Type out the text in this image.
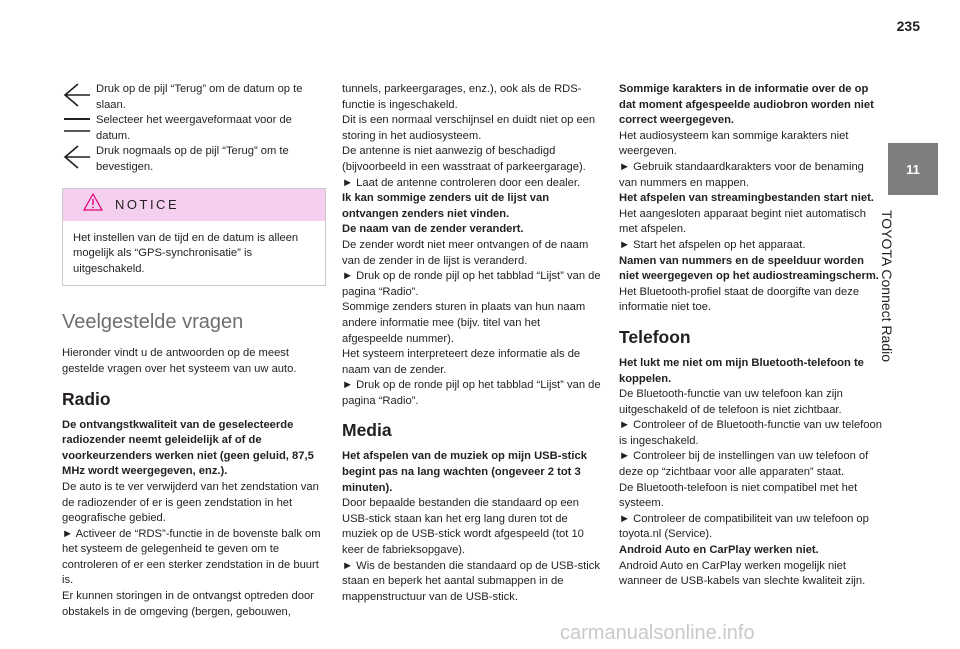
235
11
TOYOTA Connect Radio
Druk op de pijl “Terug” om de datum op te slaan.
Selecteer het weergaveformaat voor de datum.
Druk nogmaals op de pijl “Terug” om te bevestigen.
NOTICE
Het instellen van de tijd en de datum is alleen mogelijk als “GPS-synchronisatie” is uitgeschakeld.
Veelgestelde vragen

Hieronder vindt u de antwoorden op de meest gestelde vragen over het systeem van uw auto.

Radio

De ontvangstkwaliteit van de geselecteerde radiozender neemt geleidelijk af of de voorkeurzenders werken niet (geen geluid, 87,5 MHz wordt weergegeven, enz.).

De auto is te ver verwijderd van het zendstation van de radiozender of er is geen zendstation in het geografische gebied.

► Activeer de “RDS”-functie in de bovenste balk om het systeem de gelegenheid te geven om te controleren of er een sterker zendstation in de buurt is.

Er kunnen storingen in de ontvangst optreden door obstakels in de omgeving (bergen, gebouwen,

tunnels, parkeergarages, enz.), ook als de RDS-functie is ingeschakeld.

Dit is een normaal verschijnsel en duidt niet op een storing in het audiosysteem.

De antenne is niet aanwezig of beschadigd (bijvoorbeeld in een wasstraat of parkeergarage).

► Laat de antenne controleren door een dealer.

Ik kan sommige zenders uit de lijst van ontvangen zenders niet vinden.

De naam van de zender verandert.

De zender wordt niet meer ontvangen of de naam van de zender in de lijst is veranderd.

► Druk op de ronde pijl op het tabblad “Lijst” van de pagina “Radio”.

Sommige zenders sturen in plaats van hun naam andere informatie mee (bijv. titel van het afgespeelde nummer).

Het systeem interpreteert deze informatie als de naam van de zender.

► Druk op de ronde pijl op het tabblad “Lijst” van de pagina “Radio”.

Media

Het afspelen van de muziek op mijn USB-stick begint pas na lang wachten (ongeveer 2 tot 3 minuten).

Door bepaalde bestanden die standaard op een USB-stick staan kan het erg lang duren tot de muziek op de USB-stick wordt afgespeeld (tot 10 keer de fabrieksopgave).

► Wis de bestanden die standaard op de USB-stick staan en beperk het aantal submappen in de mappenstructuur van de USB-stick.

Sommige karakters in de informatie over de op dat moment afgespeelde audiobron worden niet correct weergegeven.

Het audiosysteem kan sommige karakters niet weergeven.

► Gebruik standaardkarakters voor de benaming van nummers en mappen.

Het afspelen van streamingbestanden start niet.

Het aangesloten apparaat begint niet automatisch met afspelen.

► Start het afspelen op het apparaat.

Namen van nummers en de speelduur worden niet weergegeven op het audiostreamingscherm.

Het Bluetooth-profiel staat de doorgifte van deze informatie niet toe.

Telefoon

Het lukt me niet om mijn Bluetooth-telefoon te koppelen.

De Bluetooth-functie van uw telefoon kan zijn uitgeschakeld of de telefoon is niet zichtbaar.

► Controleer of de Bluetooth-functie van uw telefoon is ingeschakeld.

► Controleer bij de instellingen van uw telefoon of deze op “zichtbaar voor alle apparaten” staat.

De Bluetooth-telefoon is niet compatibel met het systeem.

► Controleer de compatibiliteit van uw telefoon op toyota.nl (Service).

Android Auto en CarPlay werken niet.

Android Auto en CarPlay werken mogelijk niet wanneer de USB-kabels van slechte kwaliteit zijn.

carmanualsonline.info
